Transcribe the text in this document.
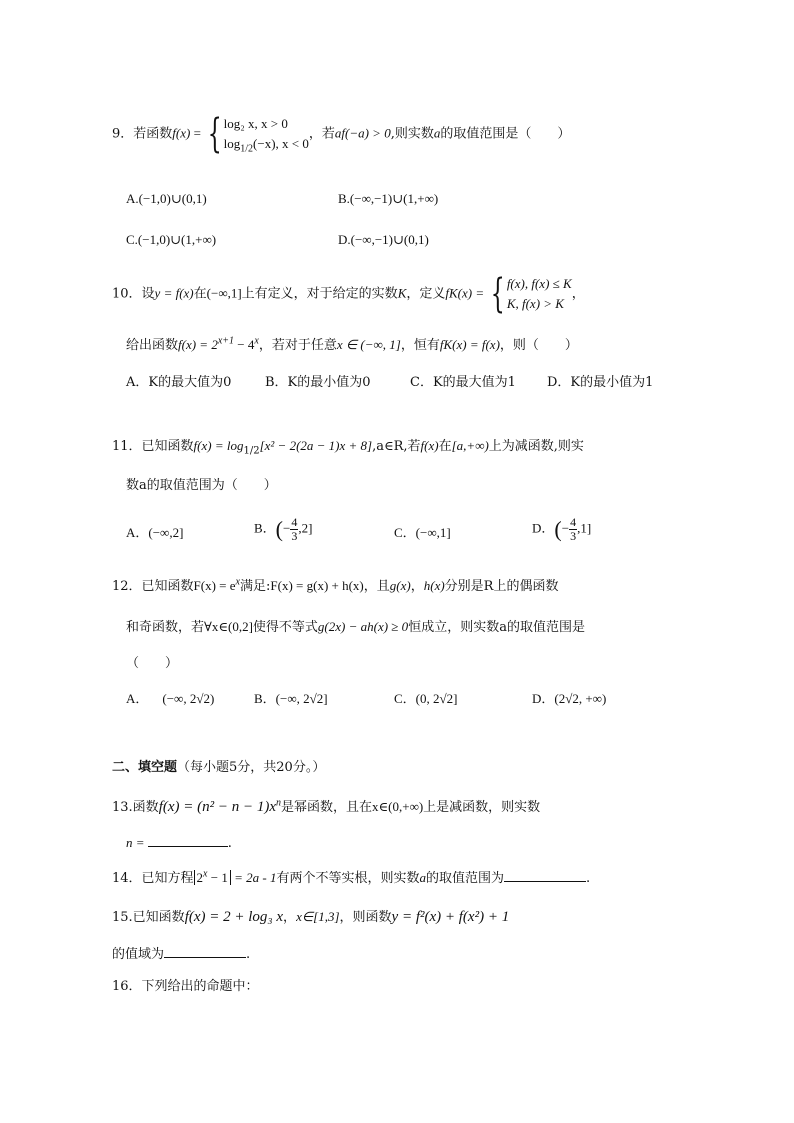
9．若函数f(x) = { log₂ x, x > 0
$\log_{1/2}(-x)$, x < 0
，若af(−a) > 0,则实数a的取值范围是（　　）
A.(−1,0)∪(0,1)	B.(−∞,−1)∪(1,+∞)
C.(−1,0)∪(1,+∞)	D.(−∞,−1)∪(0,1)
10．设y = f(x)在(−∞,1]上有定义，对于给定的实数K，定义fK(x) = { f(x), f(x) ≤ K
K, f(x) > K
，
给出函数$f(x) = 2^{x+1} - 4^x$，若对于任意x ∈ (−∞, 1]，恒有fK(x) = f(x)，则（　　）
A．K的最大值为0	B．K的最小值为0	C．K的最大值为1 D．K的最小值为1
11．已知函数$f(x) = \log_{1/2}[x^2 - 2(2a - 1)x$ + 8],a∈R,若f(x)在[a,+∞)上为减函数,则实
数a的取值范围为（　　）
A．(−∞,2]	B．(− $\frac{4}{3} ,2$]	C．(−∞,1]	D．(− $\frac{4}{3} ,1$]
12．已知函数$F(x) = e^x$满足:F(x) = g(x) + h(x)，且g(x)，h(x)分别是R上的偶函数
和奇函数，若∀x∈(0,2]使得不等式g(2x) − ah(x) ≥ 0恒成立，则实数a的取值范围是
（　　）
A． (−∞, 2√2)	B．(−∞, 2√2]	C．(0, 2√2]	D．(2√2, +∞)
二、填空题（每小题5分，共20分。）
13.函数$f(x) = (n^2 - n - 1)x^n$是幂函数，且在x∈(0,+∞)上是减函数，则实数
n =	.
14．已知方程 $2^x - 1 = 2a - 1$有两个不等实根，则实数a的取值范围为	.
15.已知函数f(x) = 2 + log₃ x，x∈[1,3]，则函数y = f²(x) + f(x²) + 1
的值域为	.
16．下列给出的命题中：
